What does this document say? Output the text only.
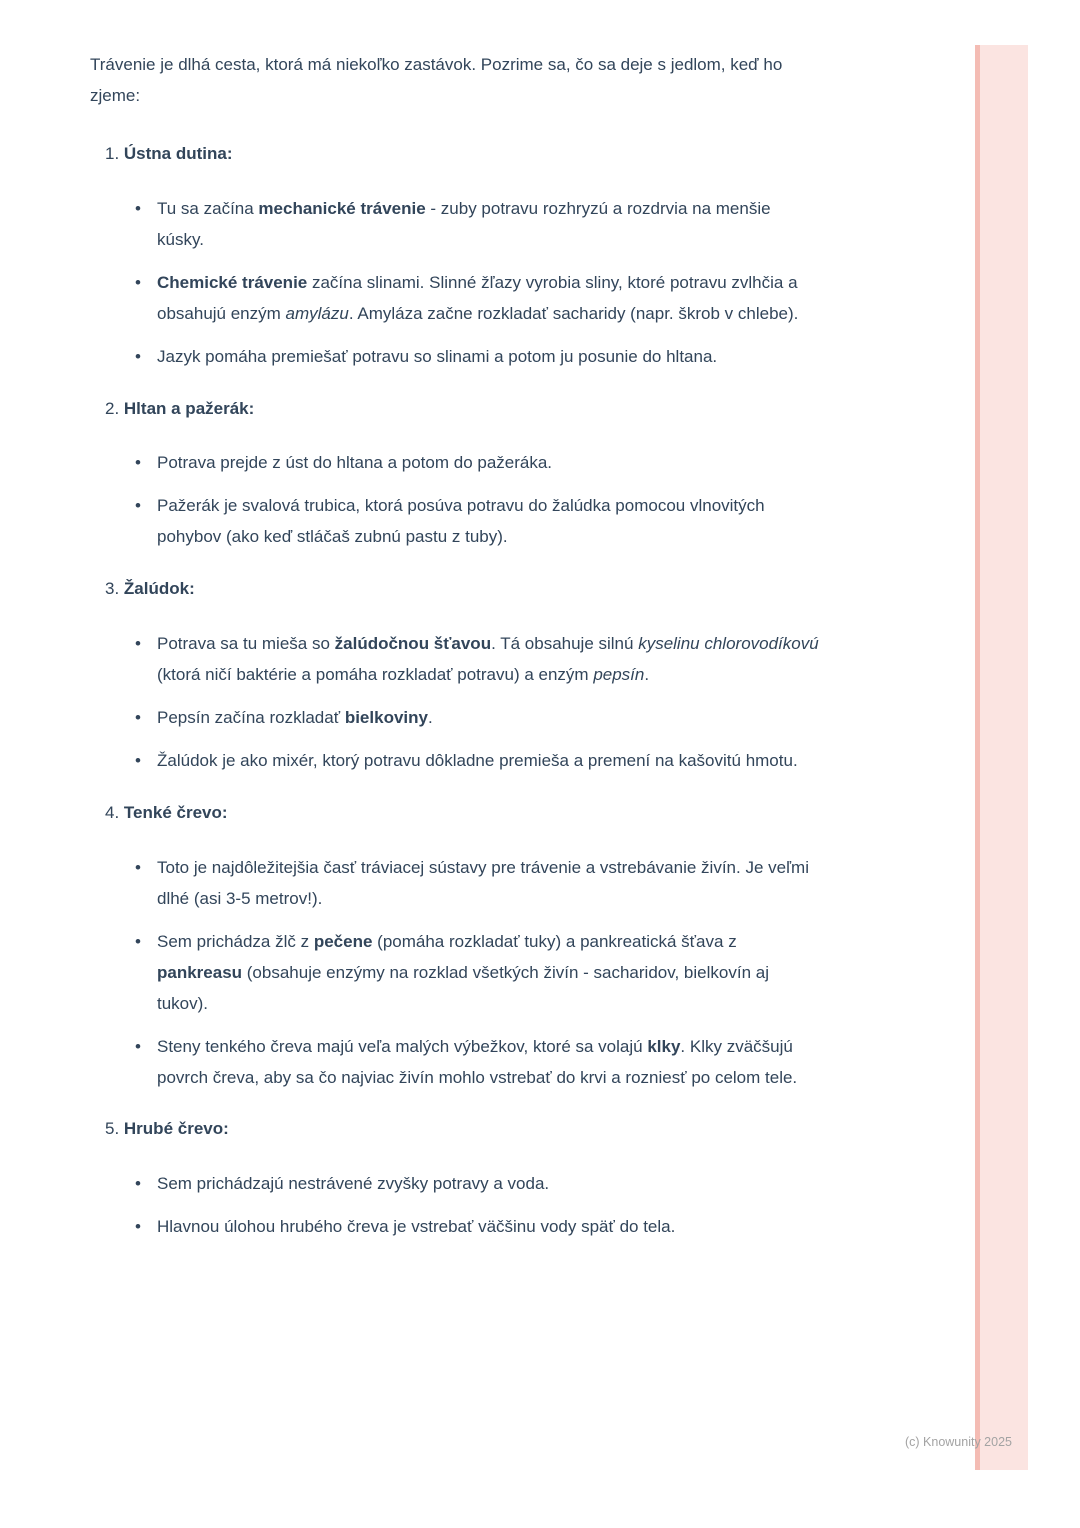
Trávenie je dlhá cesta, ktorá má niekoľko zastávok. Pozrime sa, čo sa deje s jedlom, keď ho zjeme:

1. Ústna dutina:
• Tu sa začína mechanické trávenie - zuby potravu rozhryzú a rozdrvia na menšie kúsky.
• Chemické trávenie začína slinami. Slinné žľazy vyrobia sliny, ktoré potravu zvlhčia a obsahujú enzým amylázu. Amyláza začne rozkladať sacharidy (napr. škrob v chlebe).
• Jazyk pomáha premiešať potravu so slinami a potom ju posunie do hltana.
2. Hltan a pažerák:
• Potrava prejde z úst do hltana a potom do pažeráka.
• Pažerák je svalová trubica, ktorá posúva potravu do žalúdka pomocou vlnovitých pohybov (ako keď stláčaš zubnú pastu z tuby).
3. Žalúdok:
• Potrava sa tu mieša so žalúdočnou šťavou. Tá obsahuje silnú kyselinu chlorovodíkovú (ktorá ničí baktérie a pomáha rozkladať potravu) a enzým pepsín.
• Pepsín začína rozkladať bielkoviny.
• Žalúdok je ako mixér, ktorý potravu dôkladne premieša a premení na kašovitú hmotu.
4. Tenké črevo:
• Toto je najdôležitejšia časť tráviacej sústavy pre trávenie a vstrebávanie živín. Je veľmi dlhé (asi 3-5 metrov!).
• Sem prichádza žlč z pečene (pomáha rozkladať tuky) a pankreatická šťava z pankreasu (obsahuje enzýmy na rozklad všetkých živín - sacharidov, bielkovín aj tukov).
• Steny tenkého čreva majú veľa malých výbežkov, ktoré sa volajú klky. Klky zväčšujú povrch čreva, aby sa čo najviac živín mohlo vstrebať do krvi a rozniesť po celom tele.
5. Hrubé črevo:
• Sem prichádzajú nestrávené zvyšky potravy a voda.
• Hlavnou úlohou hrubého čreva je vstrebať väčšinu vody späť do tela.
(c) Knowunity 2025
